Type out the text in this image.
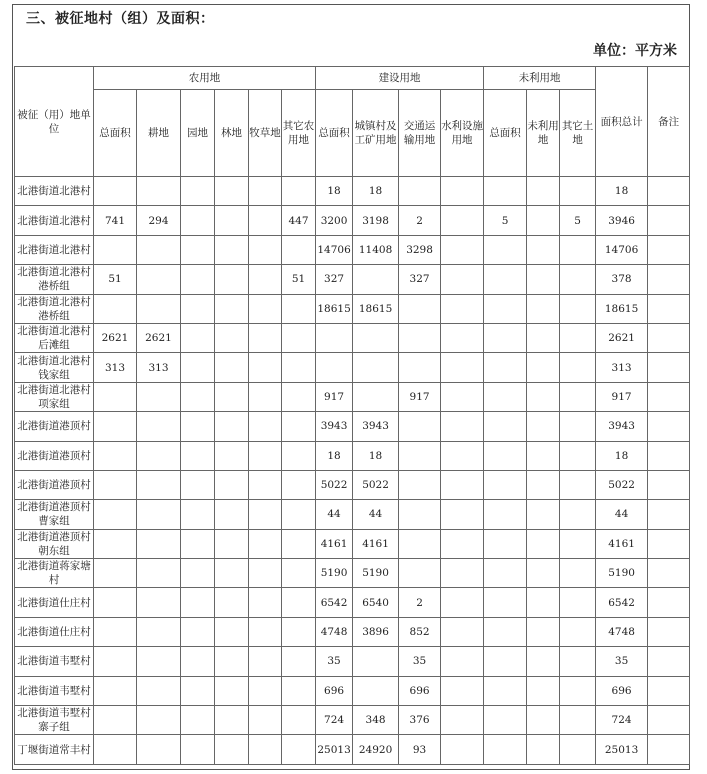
三、被征地村（组）及面积：
单位：平方米
被征（用）地单位	农用地						建设用地				未利用地			面积总计	备注
	总面积	耕地	园地	林地	牧草地	其它农用地	总面积	城镇村及工矿用地	交通运输用地	水利设施用地	总面积	未利用地	其它土地		
北港街道北港村							18	18						18	
北港街道北港村	741	294				447	3200	3198	2		5		5	3946	
北港街道北港村							14706	11408	3298					14706	
北港街道北港村港桥组	51					51	327		327					378	
北港街道北港村港桥组							18615	18615						18615	
北港街道北港村后滩组	2621	2621												2621	
北港街道北港村钱家组	313	313												313	
北港街道北港村项家组							917		917					917	
北港街道港顶村							3943	3943						3943	
北港街道港顶村							18	18						18	
北港街道港顶村							5022	5022						5022	
北港街道港顶村曹家组							44	44						44	
北港街道港顶村朝东组							4161	4161						4161	
北港街道蒋家塘村							5190	5190						5190	
北港街道仕庄村							6542	6540	2					6542	
北港街道仕庄村							4748	3896	852					4748	
北港街道韦墅村							35		35					35	
北港街道韦墅村							696		696					696	
北港街道韦墅村寨子组							724	348	376					724	
丁堰街道常丰村							25013	24920	93					25013	
